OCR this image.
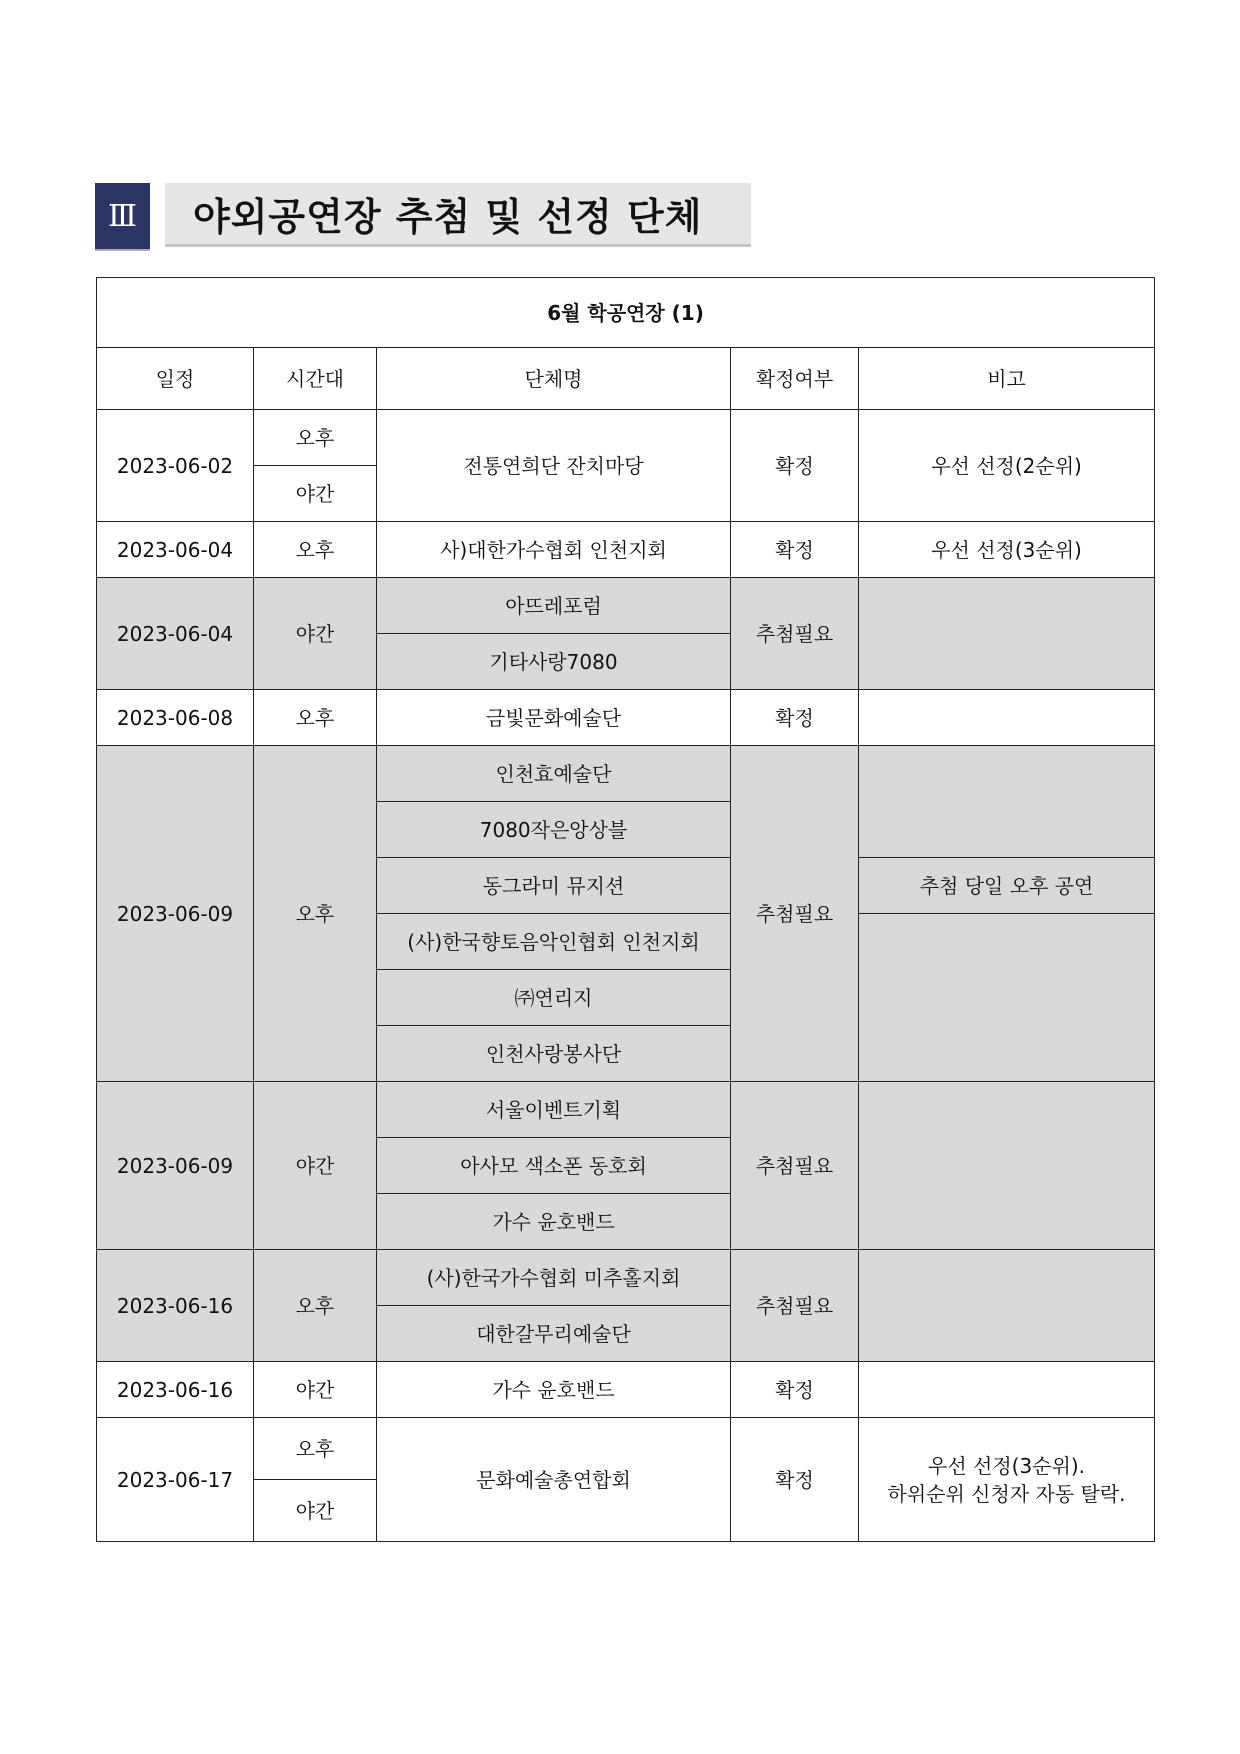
Ⅲ	야외공연장 추첨 및 선정 단체
6월 학공연장 (1)				
일정	시간대	단체명	확정여부	비고
2023-06-02	오후	전통연희단 잔치마당	확정	우선 선정(2순위)
	야간			
2023-06-04	오후	사)대한가수협회 인천지회	확정	우선 선정(3순위)
2023-06-04	야간	아뜨레포럼	추첨필요	
		기타사랑7080		
2023-06-08	오후	금빛문화예술단	확정	
2023-06-09	오후	인천효예술단	추첨필요	
		7080작은앙상블		
		동그라미 뮤지션		추첨 당일 오후 공연
		(사)한국향토음악인협회 인천지회		
		㈜연리지		
		인천사랑봉사단		
2023-06-09	야간	서울이벤트기획	추첨필요	
		아사모 색소폰 동호회		
		가수 윤호밴드		
2023-06-16	오후	(사)한국가수협회 미추홀지회	추첨필요	
		대한갈무리예술단		
2023-06-16	야간	가수 윤호밴드	확정	
2023-06-17	오후	문화예술총연합회	확정	우선 선정(3순위).
하위순위 신청자 자동 탈락.

	야간			
